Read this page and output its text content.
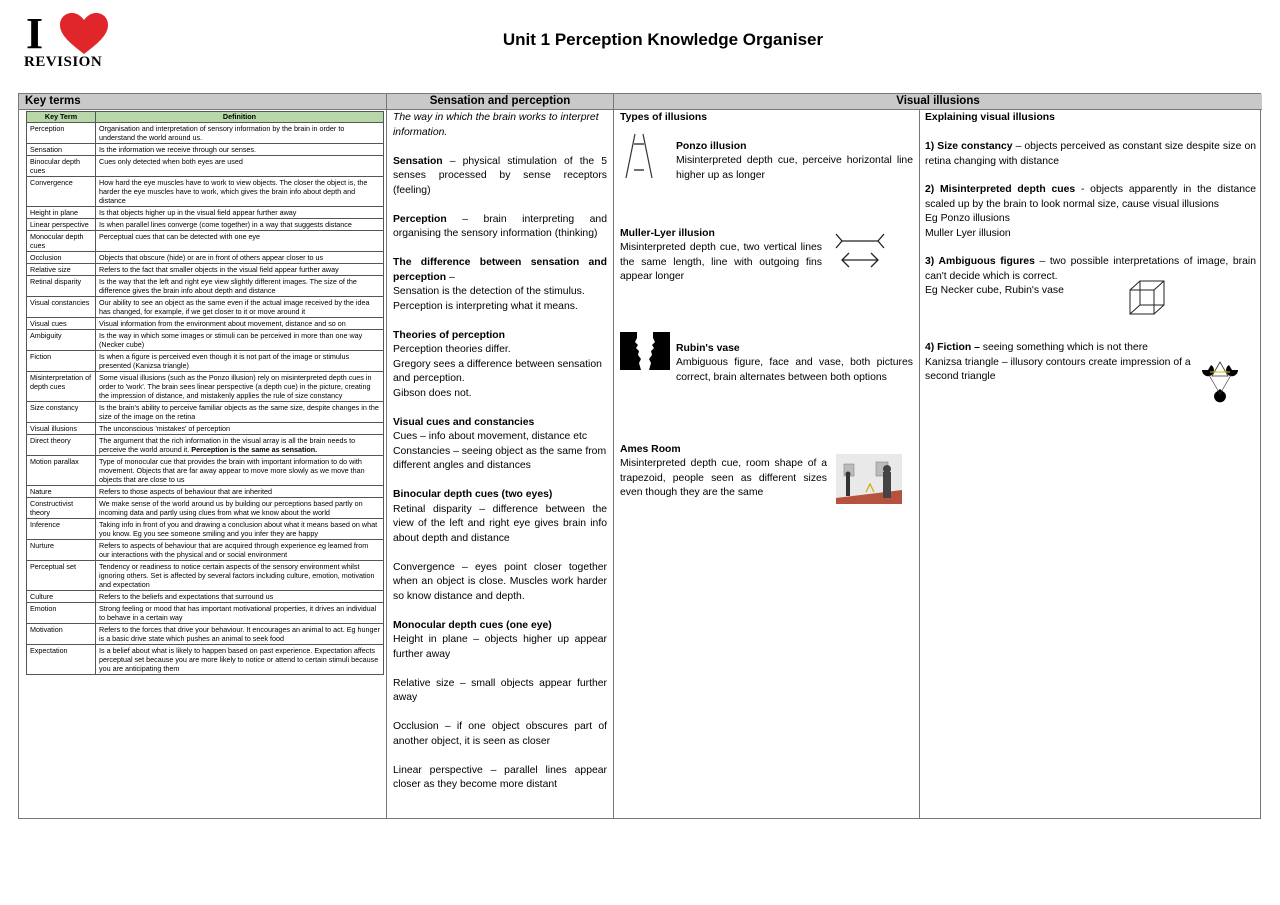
I
REVISION
Unit 1 Perception Knowledge Organiser
Key terms
Key Term	Definition
Perception	Organisation and interpretation of sensory information by the brain in order to understand the world around us.
Sensation	Is the information we receive through our senses.
Binocular depth cues	Cues only detected when both eyes are used
Convergence	How hard the eye muscles have to work to view objects. The closer the object is, the harder the eye muscles have to work, which gives the brain info about depth and distance
Height in plane	Is that objects higher up in the visual field appear further away
Linear perspective	Is when parallel lines converge (come together) in a way that suggests distance
Monocular depth cues	Perceptual cues that can be detected with one eye
Occlusion	Objects that obscure (hide) or are in front of others appear closer to us
Relative size	Refers to the fact that smaller objects in the visual field appear further away
Retinal disparity	Is the way that the left and right eye view slightly different images. The size of the difference gives the brain info about depth and distance
Visual constancies	Our ability to see an object as the same even if the actual image received by the idea has changed, for example, if we get closer to it or move around it
Visual cues	Visual information from the environment about movement, distance and so on
Ambiguity	Is the way in which some images or stimuli can be perceived in more than one way (Necker cube)
Fiction	Is when a figure is perceived even though it is not part of the image or stimulus presented (Kanizsa triangle)
Misinterpretation of depth cues	Some visual illusions (such as the Ponzo illusion) rely on misinterpreted depth cues in order to 'work'. The brain sees linear perspective (a depth cue) in the picture, creating the impression of distance, and mistakenly applies the rule of size constancy
Size constancy	Is the brain's ability to perceive familiar objects as the same size, despite changes in the size of the image on the retina
Visual illusions	The unconscious 'mistakes' of perception
Direct theory	The argument that the rich information in the visual array is all the brain needs to perceive the world around it. Perception is the same as sensation.
Motion parallax	Type of monocular cue that provides the brain with important information to do with movement. Objects that are far away appear to move more slowly as we move than objects that are close to us
Nature	Refers to those aspects of behaviour that are inherited
Constructivist theory	We make sense of the world around us by building our perceptions based partly on incoming data and partly using clues from what we know about the world
Inference	Taking info in front of you and drawing a conclusion about what it means based on what you know. Eg you see someone smiling and you infer they are happy
Nurture	Refers to aspects of behaviour that are acquired through experience eg learned from our interactions with the physical and or social environment
Perceptual set	Tendency or readiness to notice certain aspects of the sensory environment whilst ignoring others. Set is affected by several factors including culture, emotion, motivation and expectation
Culture	Refers to the beliefs and expectations that surround us
Emotion	Strong feeling or mood that has important motivational properties, it drives an individual to behave in a certain way
Motivation	Refers to the forces that drive your behaviour. It encourages an animal to act. Eg hunger is a basic drive state which pushes an animal to seek food
Expectation	Is a belief about what is likely to happen based on past experience. Expectation affects perceptual set because you are more likely to notice or attend to certain stimuli because you are anticipating them
Sensation and perception

The way in which the brain works to interpret information.

Sensation – physical stimulation of the 5 senses processed by sense receptors (feeling)

Perception – brain interpreting and organising the sensory information (thinking)

The difference between sensation and perception –
Sensation is the detection of the stimulus.
Perception is interpreting what it means.

Theories of perception
Perception theories differ.
Gregory sees a difference between sensation and perception.
Gibson does not.

Visual cues and constancies
Cues – info about movement, distance etc
Constancies – seeing object as the same from different angles and distances

Binocular depth cues (two eyes)
Retinal disparity – difference between the view of the left and right eye gives brain info about depth and distance

Convergence – eyes point closer together when an object is close. Muscles work harder so know distance and depth.

Monocular depth cues (one eye)
Height in plane – objects higher up appear further away

Relative size – small objects appear further away

Occlusion – if one object obscures part of another object, it is seen as closer

Linear perspective – parallel lines appear closer as they become more distant

Visual illusions
Types of illusions
Ponzo illusion
Misinterpreted depth cue, perceive horizontal line higher up as longer
Muller-Lyer illusion
Misinterpreted depth cue, two vertical lines the same length, line with outgoing fins appear longer
Rubin's vase
Ambiguous figure, face and vase, both pictures correct, brain alternates between both options
Ames Room
Misinterpreted depth cue, room shape of a trapezoid, people seen as different sizes even though they are the same
Explaining visual illusions
1) Size constancy – objects perceived as constant size despite size on retina changing with distance
2) Misinterpreted depth cues - objects apparently in the distance scaled up by the brain to look normal size, cause visual illusions
Eg Ponzo illusions
Muller Lyer illusion
3) Ambiguous figures – two possible interpretations of image, brain can't decide which is correct.
Eg Necker cube, Rubin's vase
4) Fiction – seeing something which is not there
Kanizsa triangle – illusory contours create impression of a second triangle
